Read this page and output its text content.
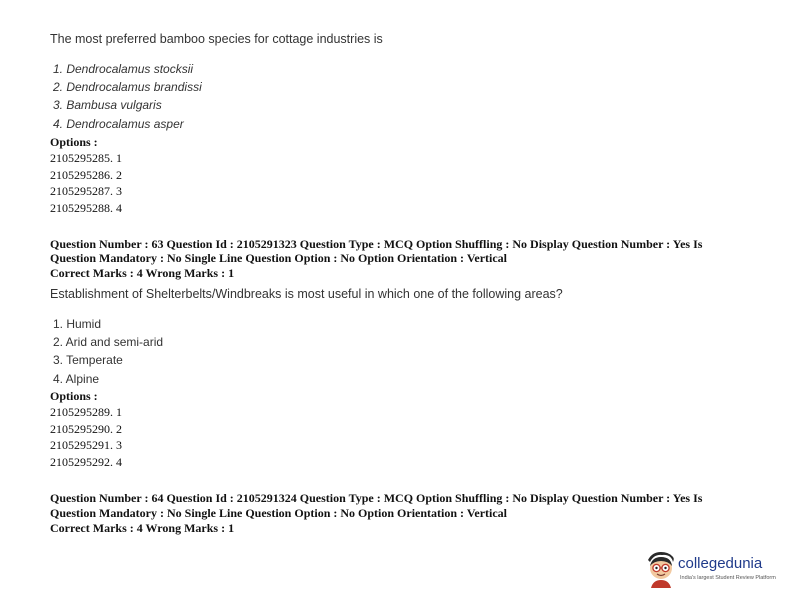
The most preferred bamboo species for cottage industries is
1. Dendrocalamus stocksii
2. Dendrocalamus brandissi
3. Bambusa vulgaris
4. Dendrocalamus asper
Options :
2105295285. 1
2105295286. 2
2105295287. 3
2105295288. 4
Question Number : 63 Question Id : 2105291323 Question Type : MCQ Option Shuffling : No Display Question Number : Yes Is
Question Mandatory : No Single Line Question Option : No Option Orientation : Vertical
Correct Marks : 4 Wrong Marks : 1
Establishment of Shelterbelts/Windbreaks is most useful in which one of the following areas?
1. Humid
2. Arid and semi-arid
3. Temperate
4. Alpine
Options :
2105295289. 1
2105295290. 2
2105295291. 3
2105295292. 4
Question Number : 64 Question Id : 2105291324 Question Type : MCQ Option Shuffling : No Display Question Number : Yes Is
Question Mandatory : No Single Line Question Option : No Option Orientation : Vertical
Correct Marks : 4 Wrong Marks : 1
collegedunia
India's largest Student Review Platform
